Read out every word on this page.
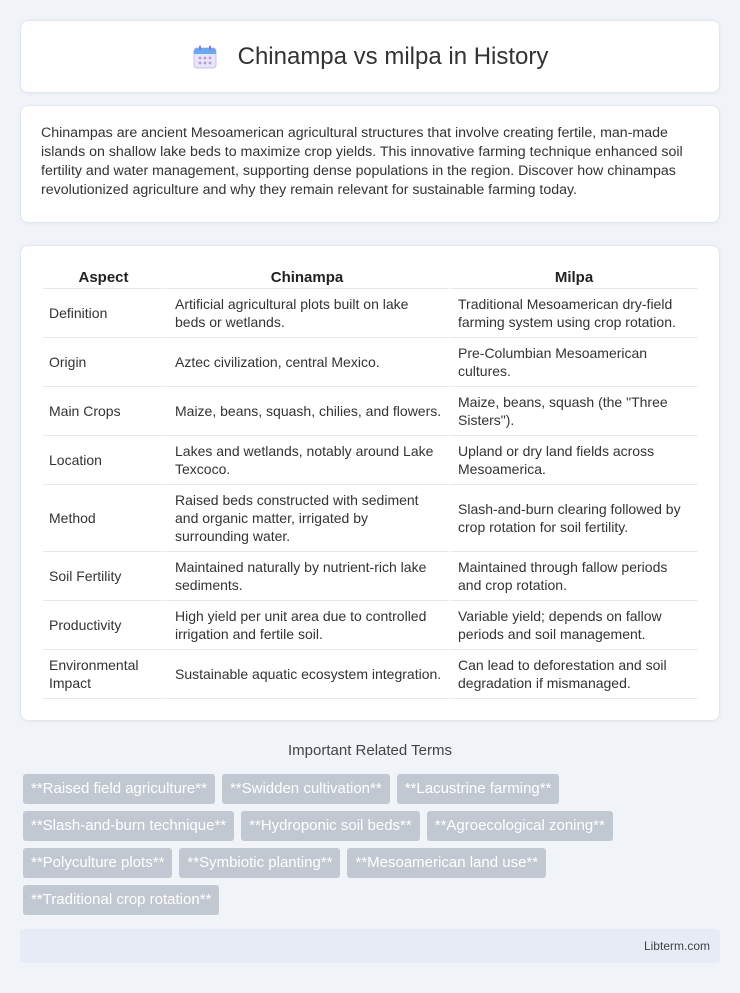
Chinampa vs milpa in History

Chinampas are ancient Mesoamerican agricultural structures that involve creating fertile, man-made islands on shallow lake beds to maximize crop yields. This innovative farming technique enhanced soil fertility and water management, supporting dense populations in the region. Discover how chinampas revolutionized agriculture and why they remain relevant for sustainable farming today.

Aspect	Chinampa	Milpa
Definition	Artificial agricultural plots built on lake beds or wetlands.	Traditional Mesoamerican dry-field farming system using crop rotation.
Origin	Aztec civilization, central Mexico.	Pre-Columbian Mesoamerican cultures.
Main Crops	Maize, beans, squash, chilies, and flowers.	Maize, beans, squash (the "Three Sisters").
Location	Lakes and wetlands, notably around Lake Texcoco.	Upland or dry land fields across Mesoamerica.
Method	Raised beds constructed with sediment and organic matter, irrigated by surrounding water.	Slash-and-burn clearing followed by crop rotation for soil fertility.
Soil Fertility	Maintained naturally by nutrient-rich lake sediments.	Maintained through fallow periods and crop rotation.
Productivity	High yield per unit area due to controlled irrigation and fertile soil.	Variable yield; depends on fallow periods and soil management.
Environmental Impact	Sustainable aquatic ecosystem integration.	Can lead to deforestation and soil degradation if mismanaged.
Important Related Terms
**Raised field agriculture**	**Swidden cultivation**	**Lacustrine farming**
**Slash-and-burn technique**	**Hydroponic soil beds**	**Agroecological zoning**
**Polyculture plots**	**Symbiotic planting**	**Mesoamerican land use**
**Traditional crop rotation**
Libterm.com
